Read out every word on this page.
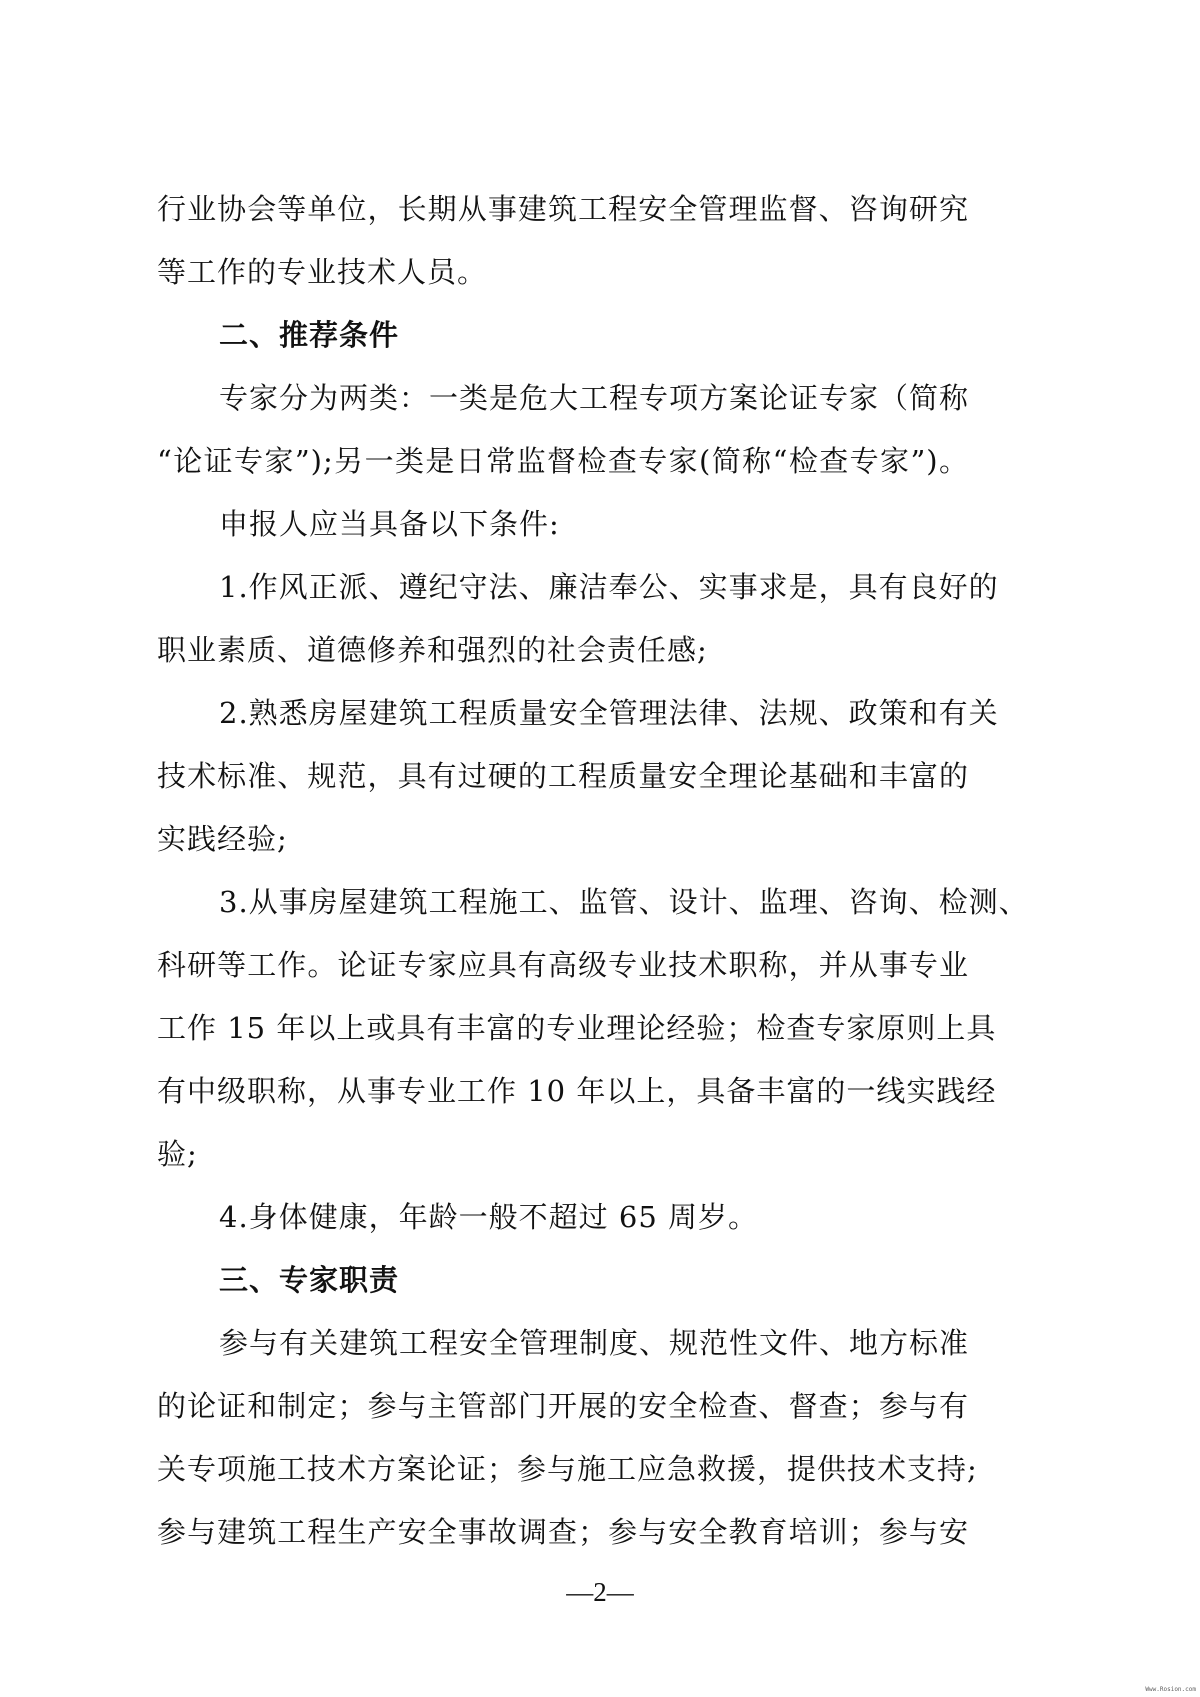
行业协会等单位，长期从事建筑工程安全管理监督、咨询研究
等工作的专业技术人员。
二、推荐条件
专家分为两类：一类是危大工程专项方案论证专家（简称
“论证专家”);另一类是日常监督检查专家(简称“检查专家”)。
申报人应当具备以下条件:
1.作风正派、遵纪守法、廉洁奉公、实事求是，具有良好的
职业素质、道德修养和强烈的社会责任感;
2.熟悉房屋建筑工程质量安全管理法律、法规、政策和有关
技术标准、规范，具有过硬的工程质量安全理论基础和丰富的
实践经验;
3.从事房屋建筑工程施工、监管、设计、监理、咨询、检测、
科研等工作。论证专家应具有高级专业技术职称，并从事专业
工作 15 年以上或具有丰富的专业理论经验；检查专家原则上具
有中级职称，从事专业工作 10 年以上，具备丰富的一线实践经
验;
4.身体健康，年龄一般不超过 65 周岁。
三、专家职责
参与有关建筑工程安全管理制度、规范性文件、地方标准
的论证和制定；参与主管部门开展的安全检查、督查；参与有
关专项施工技术方案论证；参与施工应急救援，提供技术支持;
参与建筑工程生产安全事故调查；参与安全教育培训；参与安
—2—
Www.Rosion.com
